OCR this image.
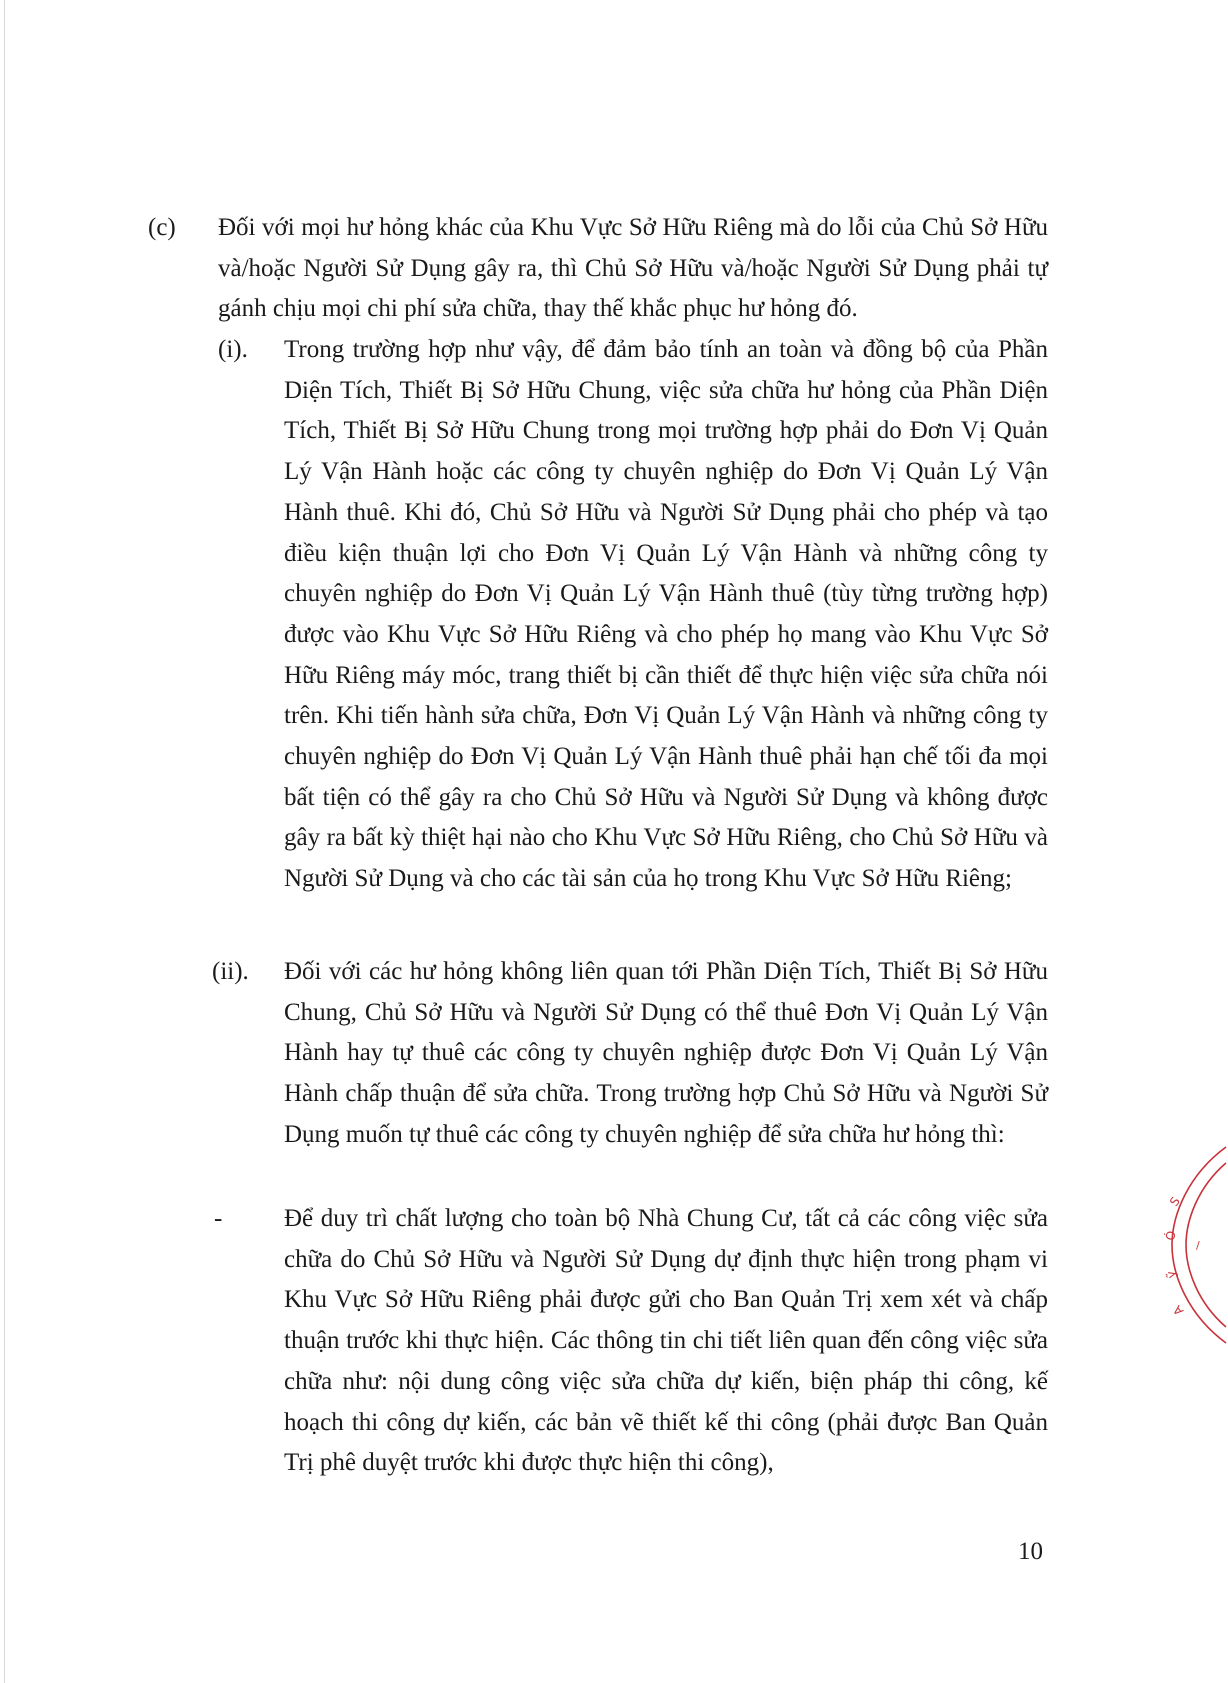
(c) Đối với mọi hư hỏng khác của Khu Vực Sở Hữu Riêng mà do lỗi của Chủ Sở Hữu và/hoặc Người Sử Dụng gây ra, thì Chủ Sở Hữu và/hoặc Người Sử Dụng phải tự gánh chịu mọi chi phí sửa chữa, thay thế khắc phục hư hỏng đó.
(i). Trong trường hợp như vậy, để đảm bảo tính an toàn và đồng bộ của Phần Diện Tích, Thiết Bị Sở Hữu Chung, việc sửa chữa hư hỏng của Phần Diện Tích, Thiết Bị Sở Hữu Chung trong mọi trường hợp phải do Đơn Vị Quản Lý Vận Hành hoặc các công ty chuyên nghiệp do Đơn Vị Quản Lý Vận Hành thuê. Khi đó, Chủ Sở Hữu và Người Sử Dụng phải cho phép và tạo điều kiện thuận lợi cho Đơn Vị Quản Lý Vận Hành và những công ty chuyên nghiệp do Đơn Vị Quản Lý Vận Hành thuê (tùy từng trường hợp) được vào Khu Vực Sở Hữu Riêng và cho phép họ mang vào Khu Vực Sở Hữu Riêng máy móc, trang thiết bị cần thiết để thực hiện việc sửa chữa nói trên. Khi tiến hành sửa chữa, Đơn Vị Quản Lý Vận Hành và những công ty chuyên nghiệp do Đơn Vị Quản Lý Vận Hành thuê phải hạn chế tối đa mọi bất tiện có thể gây ra cho Chủ Sở Hữu và Người Sử Dụng và không được gây ra bất kỳ thiệt hại nào cho Khu Vực Sở Hữu Riêng, cho Chủ Sở Hữu và Người Sử Dụng và cho các tài sản của họ trong Khu Vực Sở Hữu Riêng;
(ii). Đối với các hư hỏng không liên quan tới Phần Diện Tích, Thiết Bị Sở Hữu Chung, Chủ Sở Hữu và Người Sử Dụng có thể thuê Đơn Vị Quản Lý Vận Hành hay tự thuê các công ty chuyên nghiệp được Đơn Vị Quản Lý Vận Hành chấp thuận để sửa chữa. Trong trường hợp Chủ Sở Hữu và Người Sử Dụng muốn tự thuê các công ty chuyên nghiệp để sửa chữa hư hỏng thì:
- Để duy trì chất lượng cho toàn bộ Nhà Chung Cư, tất cả các công việc sửa chữa do Chủ Sở Hữu và Người Sử Dụng dự định thực hiện trong phạm vi Khu Vực Sở Hữu Riêng phải được gửi cho Ban Quản Trị xem xét và chấp thuận trước khi thực hiện. Các thông tin chi tiết liên quan đến công việc sửa chữa như: nội dung công việc sửa chữa dự kiến, biện pháp thi công, kế hoạch thi công dự kiến, các bản vẽ thiết kế thi công (phải được Ban Quản Trị phê duyệt trước khi được thực hiện thi công),
10
S
Ó
ỹ
A
/
